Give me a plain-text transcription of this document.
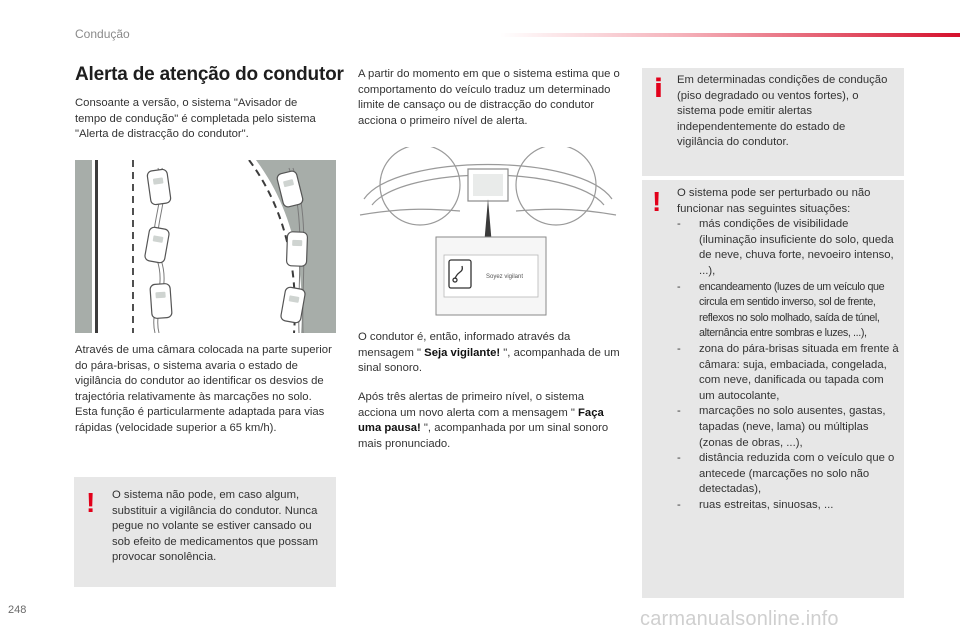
Condução
Alerta de atenção do condutor
Consoante a versão, o sistema "Avisador de tempo de condução" é completada pelo sistema "Alerta de distracção do condutor".

Através de uma câmara colocada na parte superior do pára-brisas, o sistema avaria o estado de vigilância do condutor ao identificar os desvios de trajectória relativamente às marcações no solo.

Esta função é particularmente adaptada para vias rápidas (velocidade superior a 65 km/h).

! O sistema não pode, em caso algum, substituir a vigilância do condutor. Nunca pegue no volante se estiver cansado ou sob efeito de medicamentos que possam provocar sonolência.
A partir do momento em que o sistema estima que o comportamento do veículo traduz um determinado limite de cansaço ou de distracção do condutor acciona o primeiro nível de alerta.
Soyez vigilant
O condutor é, então, informado através da mensagem " Seja vigilante! ", acompanhada de um sinal sonoro.
Após três alertas de primeiro nível, o sistema acciona um novo alerta com a mensagem " Faça uma pausa! ", acompanhada por um sinal sonoro mais pronunciado.
i Em determinadas condições de condução (piso degradado ou ventos fortes), o sistema pode emitir alertas independentemente do estado de vigilância do condutor.
! O sistema pode ser perturbado ou não funcionar nas seguintes situações:

- más condições de visibilidade (iluminação insuficiente do solo, queda de neve, chuva forte, nevoeiro intenso, ...),
- encandeamento (luzes de um veículo que circula em sentido inverso, sol de frente, reflexos no solo molhado, saída de túnel, alternância entre sombras e luzes, ...),
- zona do pára-brisas situada em frente à câmara: suja, embaciada, congelada, com neve, danificada ou tapada com um autocolante,
- marcações no solo ausentes, gastas, tapadas (neve, lama) ou múltiplas (zonas de obras, ...),
- distância reduzida com o veículo que o antecede (marcações no solo não detectadas),
- ruas estreitas, sinuosas, ...
248	carmanualsonline.info
